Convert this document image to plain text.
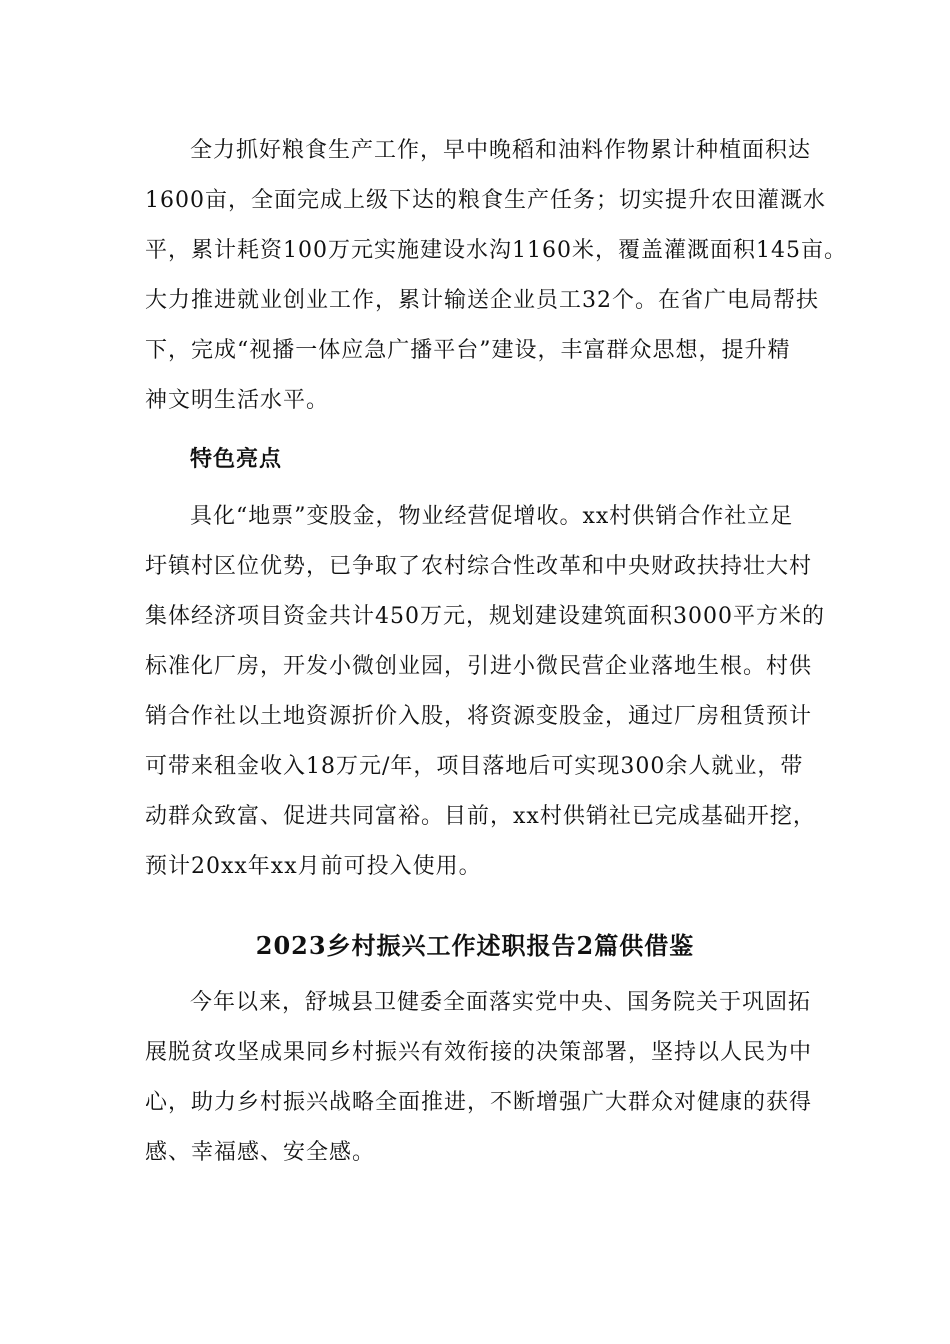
全力抓好粮食生产工作，早中晚稻和油料作物累计种植面积达
1600亩，全面完成上级下达的粮食生产任务；切实提升农田灌溉水
平，累计耗资100万元实施建设水沟1160米，覆盖灌溉面积145亩。
大力推进就业创业工作，累计输送企业员工32个。在省广电局帮扶
下，完成“视播一体应急广播平台”建设，丰富群众思想，提升精
神文明生活水平。
特色亮点
具化“地票”变股金，物业经营促增收。xx村供销合作社立足
圩镇村区位优势，已争取了农村综合性改革和中央财政扶持壮大村
集体经济项目资金共计450万元，规划建设建筑面积3000平方米的
标准化厂房，开发小微创业园，引进小微民营企业落地生根。村供
销合作社以土地资源折价入股，将资源变股金，通过厂房租赁预计
可带来租金收入18万元/年，项目落地后可实现300余人就业，带
动群众致富、促进共同富裕。目前，xx村供销社已完成基础开挖，
预计20xx年xx月前可投入使用。
2023乡村振兴工作述职报告2篇供借鉴
今年以来，舒城县卫健委全面落实党中央、国务院关于巩固拓
展脱贫攻坚成果同乡村振兴有效衔接的决策部署，坚持以人民为中
心，助力乡村振兴战略全面推进，不断增强广大群众对健康的获得
感、幸福感、安全感。
